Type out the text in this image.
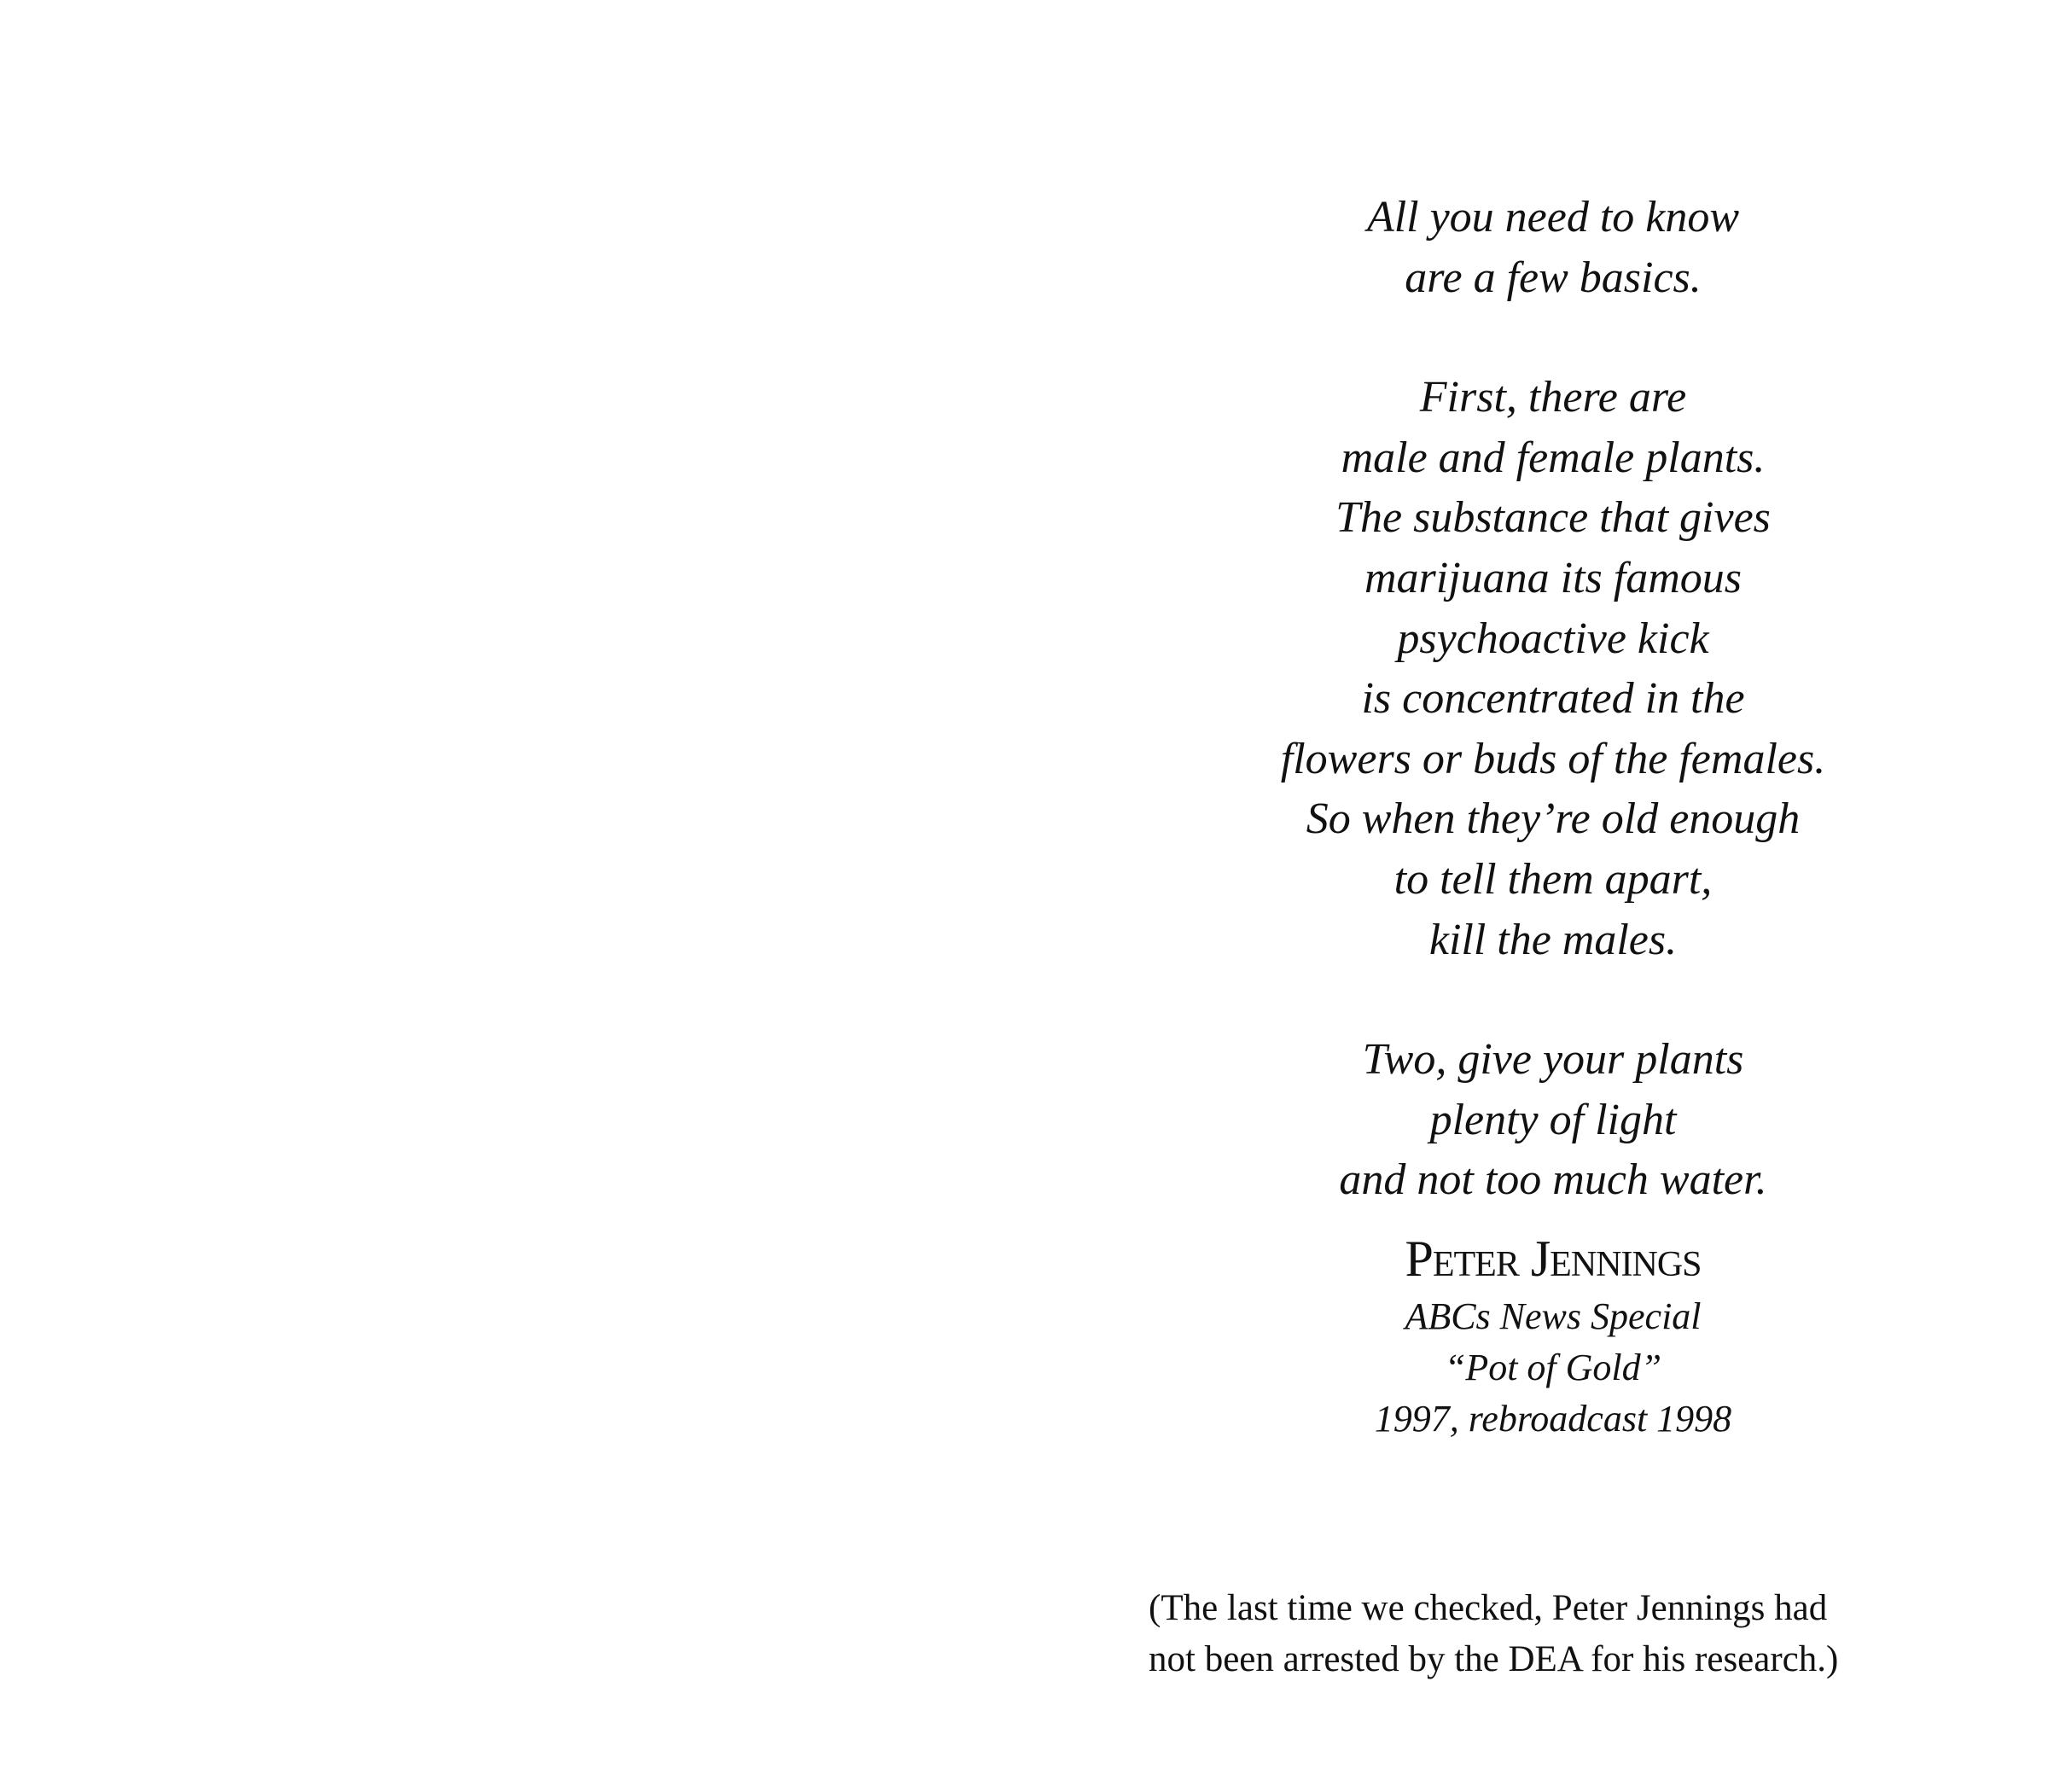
All you need to know
are a few basics.
First, there are
male and female plants.
The substance that gives
marijuana its famous
psychoactive kick
is concentrated in the
flowers or buds of the females.
So when they’re old enough
to tell them apart,
kill the males.
Two, give your plants
plenty of light
and not too much water.
Peter Jennings
ABCs News Special
“Pot of Gold”
1997, rebroadcast 1998
(The last time we checked, Peter Jennings had
not been arrested by the DEA for his research.)
